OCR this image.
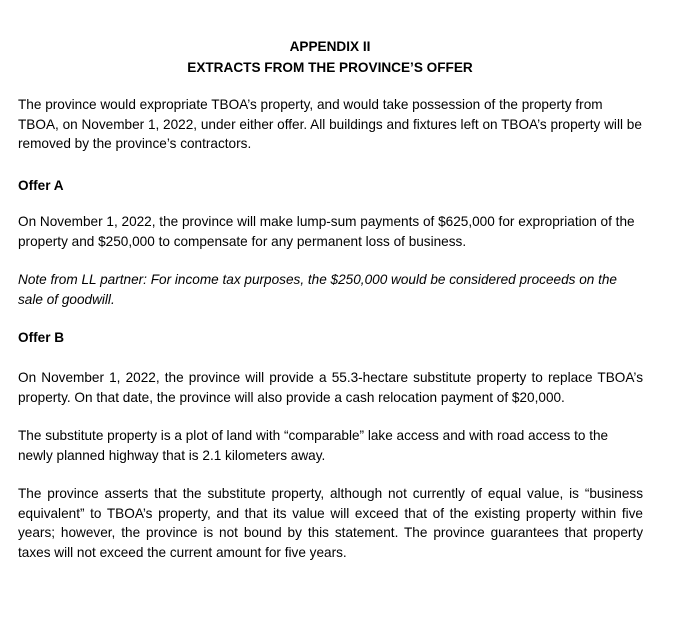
APPENDIX II
EXTRACTS FROM THE PROVINCE’S OFFER

The province would expropriate TBOA’s property, and would take possession of the property from TBOA, on November 1, 2022, under either offer. All buildings and fixtures left on TBOA’s property will be removed by the province’s contractors.

Offer A

On November 1, 2022, the province will make lump-sum payments of $625,000 for expropriation of the property and $250,000 to compensate for any permanent loss of business.

Note from LL partner: For income tax purposes, the $250,000 would be considered proceeds on the sale of goodwill.

Offer B

On November 1, 2022, the province will provide a 55.3-hectare substitute property to replace TBOA’s property. On that date, the province will also provide a cash relocation payment of $20,000.

The substitute property is a plot of land with “comparable” lake access and with road access to the newly planned highway that is 2.1 kilometers away.

The province asserts that the substitute property, although not currently of equal value, is “business equivalent” to TBOA’s property, and that its value will exceed that of the existing property within five years; however, the province is not bound by this statement. The province guarantees that property taxes will not exceed the current amount for five years.
